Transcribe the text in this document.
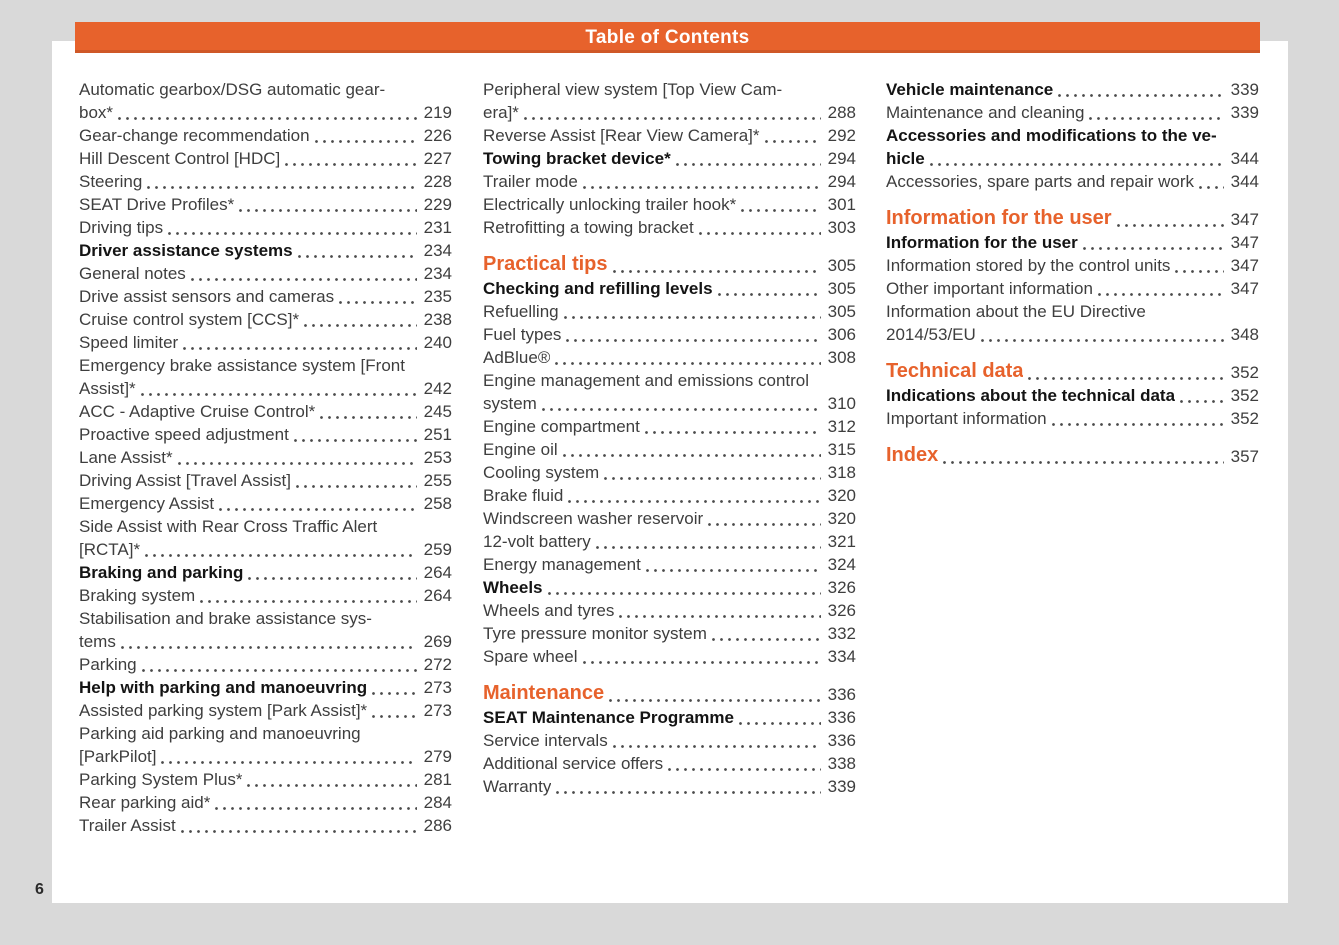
Table of Contents
Automatic gearbox/DSG automatic gear-
box*	219
Gear-change recommendation	226
Hill Descent Control [HDC]	227
Steering	228
SEAT Drive Profiles*	229
Driving tips	231
Driver assistance systems	234
General notes	234
Drive assist sensors and cameras	235
Cruise control system [CCS]*	238
Speed limiter	240
Emergency brake assistance system [Front
Assist]*	242
ACC - Adaptive Cruise Control*	245
Proactive speed adjustment	251
Lane Assist*	253
Driving Assist [Travel Assist]	255
Emergency Assist	258
Side Assist with Rear Cross Traffic Alert
[RCTA]*	259
Braking and parking	264
Braking system	264
Stabilisation and brake assistance sys-
tems	269
Parking	272
Help with parking and manoeuvring	273
Assisted parking system [Park Assist]*	273
Parking aid parking and manoeuvring
[ParkPilot]	279
Parking System Plus*	281
Rear parking aid*	284
Trailer Assist	286
Peripheral view system [Top View Cam-
era]*	288
Reverse Assist [Rear View Camera]*	292
Towing bracket device*	294
Trailer mode	294
Electrically unlocking trailer hook*	301
Retrofitting a towing bracket	303
Practical tips	305
Checking and refilling levels	305
Refuelling	305
Fuel types	306
AdBlue®	308
Engine management and emissions control
system	310
Engine compartment	312
Engine oil	315
Cooling system	318
Brake fluid	320
Windscreen washer reservoir	320
12-volt battery	321
Energy management	324
Wheels	326
Wheels and tyres	326
Tyre pressure monitor system	332
Spare wheel	334
Maintenance	336
SEAT Maintenance Programme	336
Service intervals	336
Additional service offers	338
Warranty	339
Vehicle maintenance	339
Maintenance and cleaning	339
Accessories and modifications to the ve-
hicle	344
Accessories, spare parts and repair work 344
Information for the user	347
Information for the user	347
Information stored by the control units	347
Other important information	347
Information about the EU Directive
2014/53/EU	348
Technical data	352
Indications about the technical data	352
Important information	352
Index	357
6
